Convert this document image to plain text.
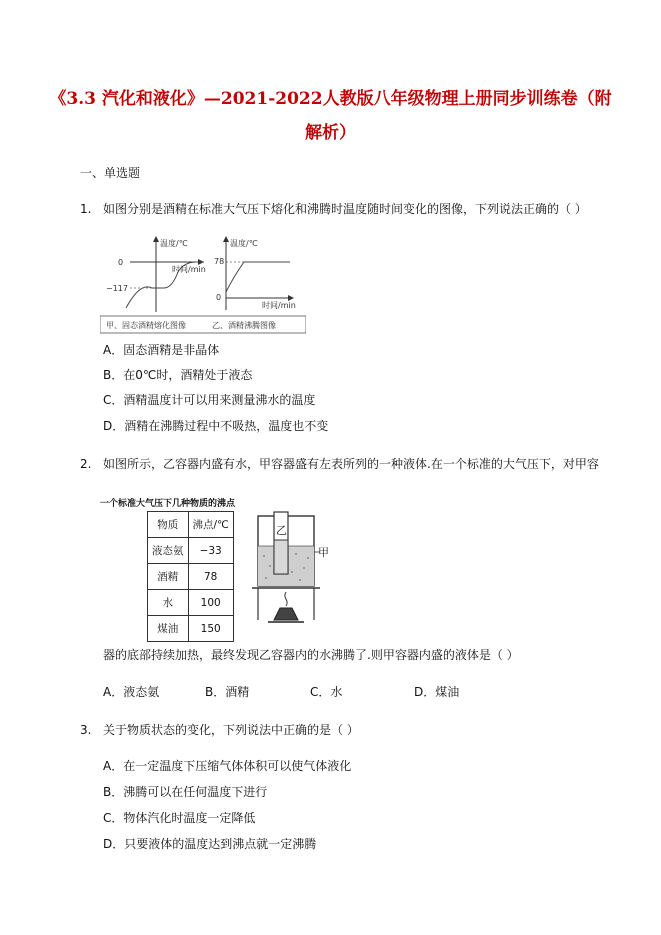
《3.3 汽化和液化》—2021-2022人教版八年级物理上册同步训练卷（附
解析）
一、单选题
1. 如图分别是酒精在标准大气压下熔化和沸腾时温度随时间变化的图像，下列说法正确的（ ）
温度/℃
0
−117
时间/min
温度/℃
78
0
时间/min
甲、固态酒精熔化图像	乙、酒精沸腾图像
A．固态酒精是非晶体
B．在0℃时，酒精处于液态
C．酒精温度计可以用来测量沸水的温度
D．酒精在沸腾过程中不吸热，温度也不变
2. 如图所示，乙容器内盛有水，甲容器盛有左表所列的一种液体.在一个标准的大气压下，对甲容
一个标准大气压下几种物质的沸点
物质	沸点/℃
液态氨	−33
酒精	78
水	100
煤油	150
乙
甲
器的底部持续加热，最终发现乙容器内的水沸腾了.则甲容器内盛的液体是（ ）
A．液态氨	B．酒精	C．水	D．煤油
3. 关于物质状态的变化，下列说法中正确的是（ ）
A．在一定温度下压缩气体体积可以使气体液化
B．沸腾可以在任何温度下进行
C．物体汽化时温度一定降低
D．只要液体的温度达到沸点就一定沸腾
